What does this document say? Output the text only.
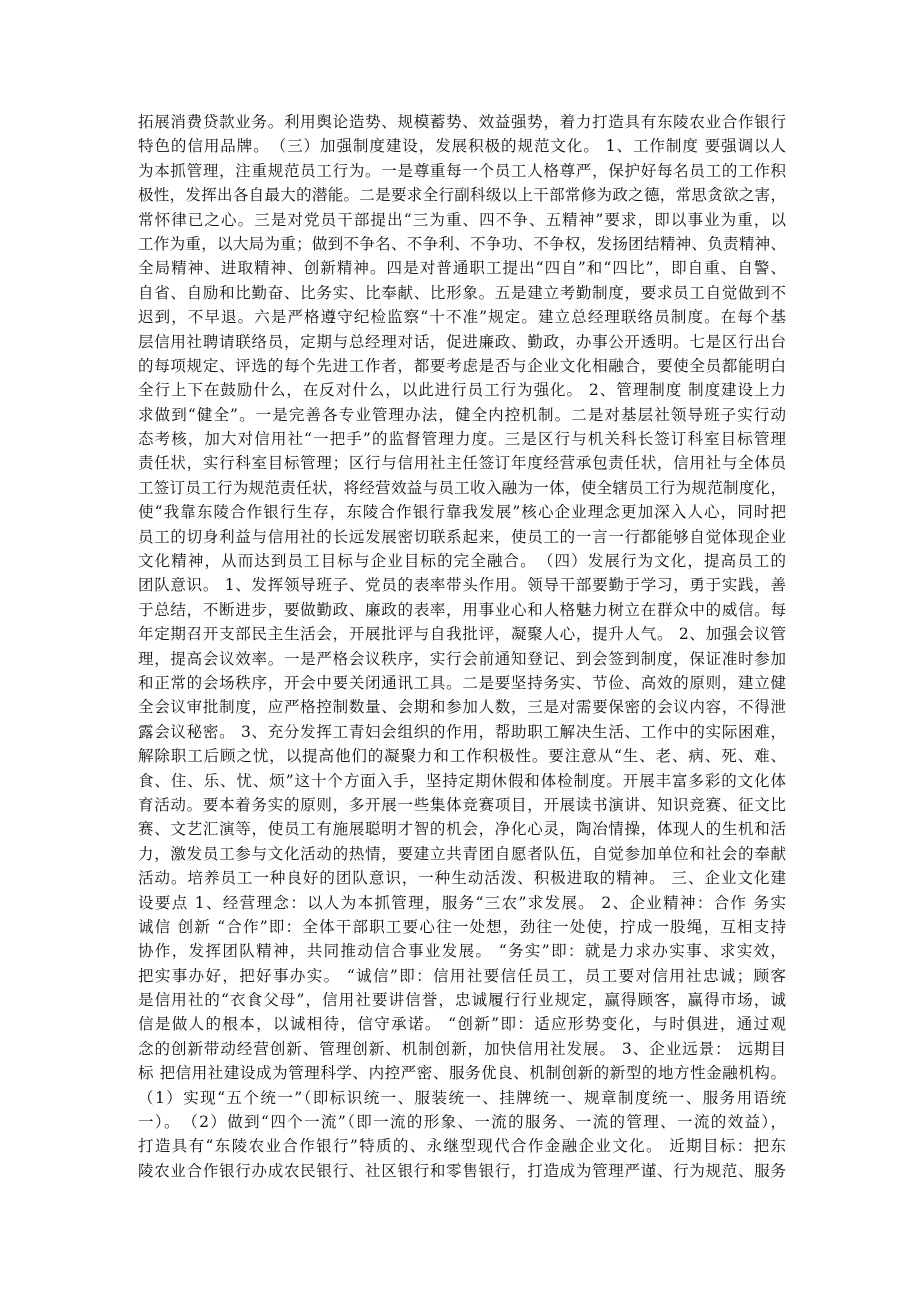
拓展消费贷款业务。利用舆论造势、规模蓄势、效益强势，着力打造具有东陵农业合作银行
特色的信用品牌。　（三）加强制度建设，发展积极的规范文化。 1、工作制度 要强调以人
为本抓管理，注重规范员工行为。一是尊重每一个员工人格尊严，保护好每名员工的工作积
极性，发挥出各自最大的潜能。二是要求全行副科级以上干部常修为政之德，常思贪欲之害，
常怀律已之心。三是对党员干部提出“三为重、四不争、五精神”要求，即以事业为重，以
工作为重，以大局为重；做到不争名、不争利、不争功、不争权，发扬团结精神、负责精神、
全局精神、进取精神、创新精神。四是对普通职工提出“四自”和“四比”，即自重、自警、
自省、自励和比勤奋、比务实、比奉献、比形象。五是建立考勤制度，要求员工自觉做到不
迟到，不早退。六是严格遵守纪检监察“十不准”规定。建立总经理联络员制度。在每个基
层信用社聘请联络员，定期与总经理对话，促进廉政、勤政，办事公开透明。七是区行出台
的每项规定、评选的每个先进工作者，都要考虑是否与企业文化相融合，要使全员都能明白
全行上下在鼓励什么，在反对什么，以此进行员工行为强化。 2、管理制度 制度建设上力
求做到“健全”。一是完善各专业管理办法，健全内控机制。二是对基层社领导班子实行动
态考核，加大对信用社“一把手”的监督管理力度。三是区行与机关科长签订科室目标管理
责任状，实行科室目标管理；区行与信用社主任签订年度经营承包责任状，信用社与全体员
工签订员工行为规范责任状，将经营效益与员工收入融为一体，使全辖员工行为规范制度化，
使“我靠东陵合作银行生存，东陵合作银行靠我发展”核心企业理念更加深入人心，同时把
员工的切身利益与信用社的长远发展密切联系起来，使员工的一言一行都能够自觉体现企业
文化精神，从而达到员工目标与企业目标的完全融合。　（四）发展行为文化，提高员工的
团队意识。 1、发挥领导班子、党员的表率带头作用。领导干部要勤于学习，勇于实践，善
于总结，不断进步，要做勤政、廉政的表率，用事业心和人格魅力树立在群众中的威信。每
年定期召开支部民主生活会，开展批评与自我批评，凝聚人心，提升人气。 2、加强会议管
理，提高会议效率。一是严格会议秩序，实行会前通知登记、到会签到制度，保证准时参加
和正常的会场秩序，开会中要关闭通讯工具。二是要坚持务实、节俭、高效的原则，建立健
全会议审批制度，应严格控制数量、会期和参加人数，三是对需要保密的会议内容，不得泄
露会议秘密。 3、充分发挥工青妇会组织的作用，帮助职工解决生活、工作中的实际困难，
解除职工后顾之忧，以提高他们的凝聚力和工作积极性。要注意从“生、老、病、死、难、
食、住、乐、忧、烦”这十个方面入手，坚持定期休假和体检制度。开展丰富多彩的文化体
育活动。要本着务实的原则，多开展一些集体竞赛项目，开展读书演讲、知识竞赛、征文比
赛、文艺汇演等，使员工有施展聪明才智的机会，净化心灵，陶冶情操，体现人的生机和活
力，激发员工参与文化活动的热情，要建立共青团自愿者队伍，自觉参加单位和社会的奉献
活动。培养员工一种良好的团队意识，一种生动活泼、积极进取的精神。 三、企业文化建
设要点 1、经营理念：以人为本抓管理，服务“三农”求发展。 2、企业精神：合作 务实
诚信 创新 “合作”即：全体干部职工要心往一处想，劲往一处使，拧成一股绳，互相支持
协作，发挥团队精神，共同推动信合事业发展。 “务实”即：就是力求办实事、求实效，
把实事办好，把好事办实。 “诚信”即：信用社要信任员工，员工要对信用社忠诚；顾客
是信用社的“衣食父母”，信用社要讲信誉，忠诚履行行业规定，赢得顾客，赢得市场，诚
信是做人的根本，以诚相待，信守承诺。 “创新”即：适应形势变化，与时俱进，通过观
念的创新带动经营创新、管理创新、机制创新，加快信用社发展。 3、企业远景： 远期目
标 把信用社建设成为管理科学、内控严密、服务优良、机制创新的新型的地方性金融机构。
（1）实现“五个统一”（即标识统一、服装统一、挂牌统一、规章制度统一、服务用语统
一）。　（2）做到“四个一流”（即一流的形象、一流的服务、一流的管理、一流的效益），
打造具有“东陵农业合作银行”特质的、永继型现代合作金融企业文化。 近期目标：把东
陵农业合作银行办成农民银行、社区银行和零售银行，打造成为管理严谨、行为规范、服务
